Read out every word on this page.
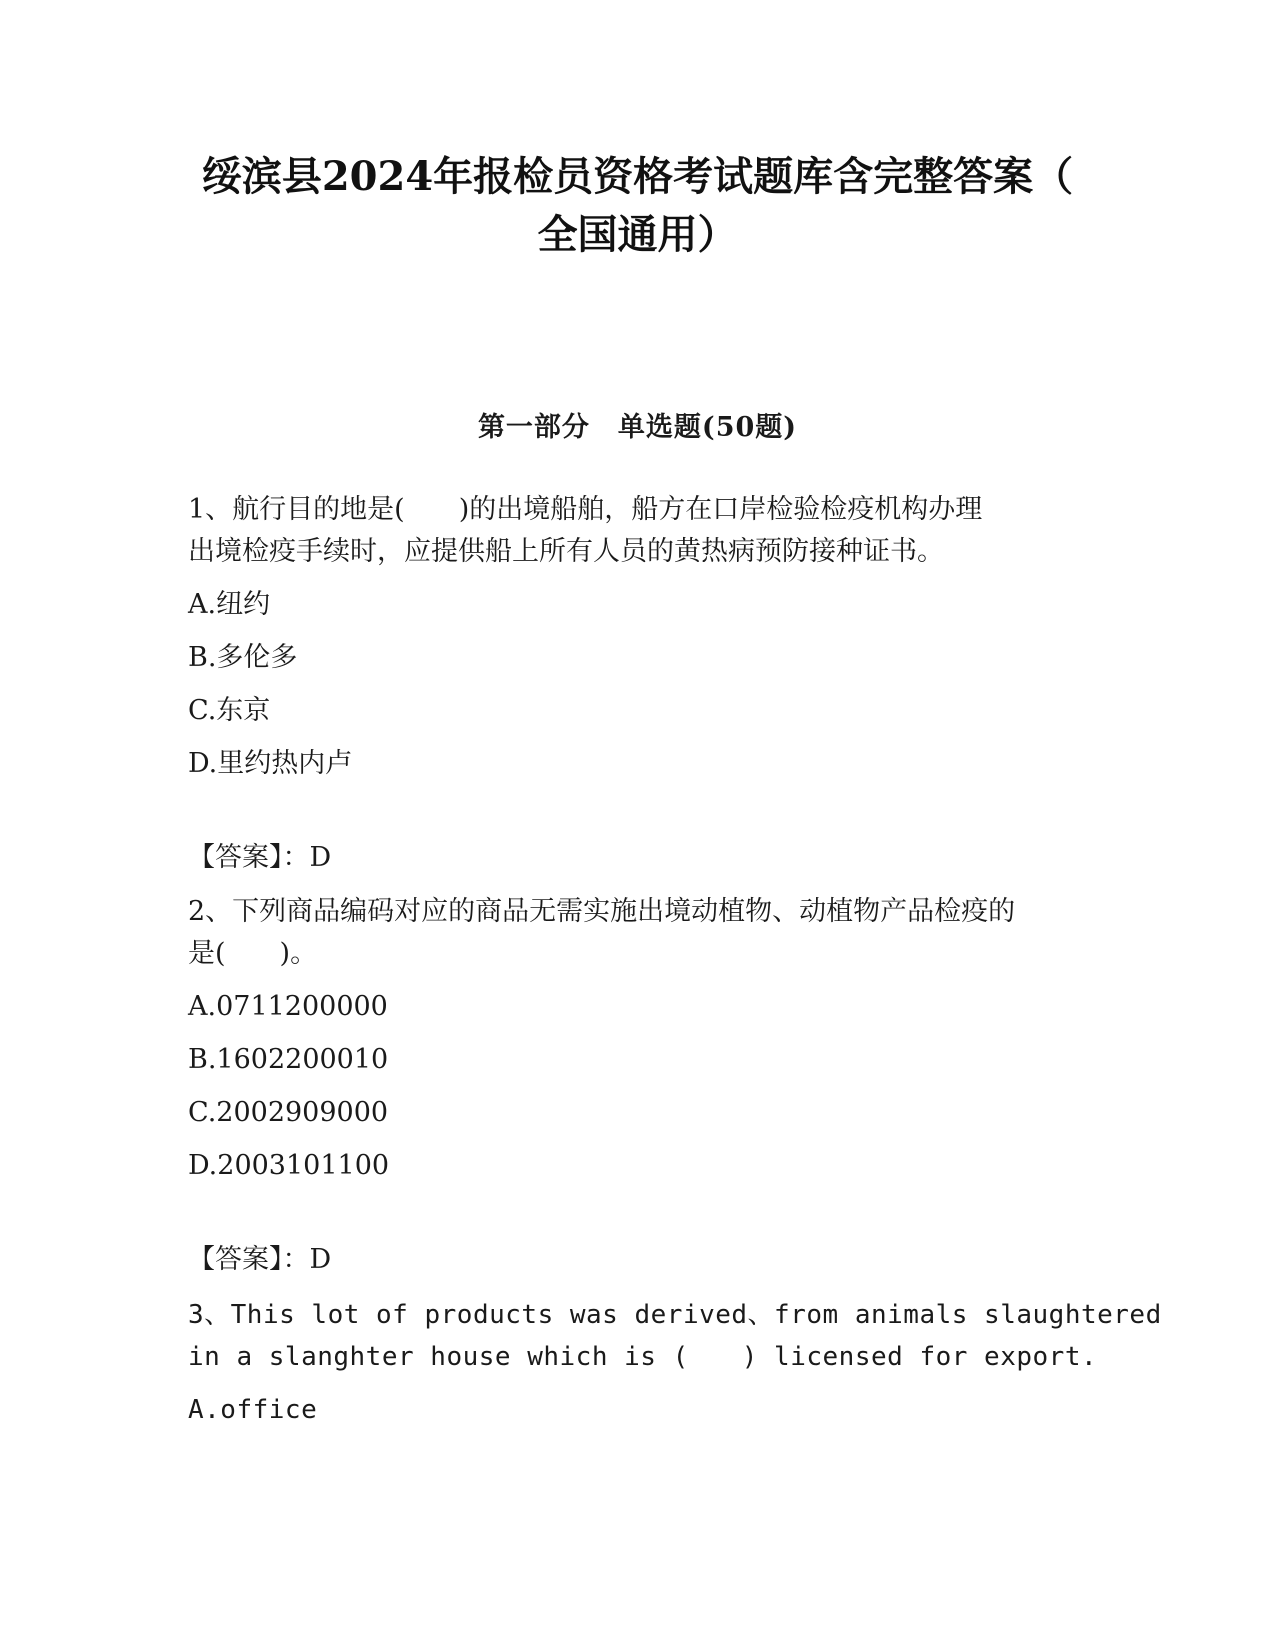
绥滨县2024年报检员资格考试题库含完整答案（
全国通用）
第一部分　单选题(50题)

1、航行目的地是(　　)的出境船舶，船方在口岸检验检疫机构办理

出境检疫手续时，应提供船上所有人员的黄热病预防接种证书。

A.纽约

B.多伦多

C.东京

D.里约热内卢

【答案】：D

2、下列商品编码对应的商品无需实施出境动植物、动植物产品检疫的

是(　　)。

A.0711200000

B.1602200010

C.2002909000

D.2003101100

【答案】：D

3、This lot of products was derived、from animals slaughtered

in a slanghter house which is (　　) licensed for export.

A.office
